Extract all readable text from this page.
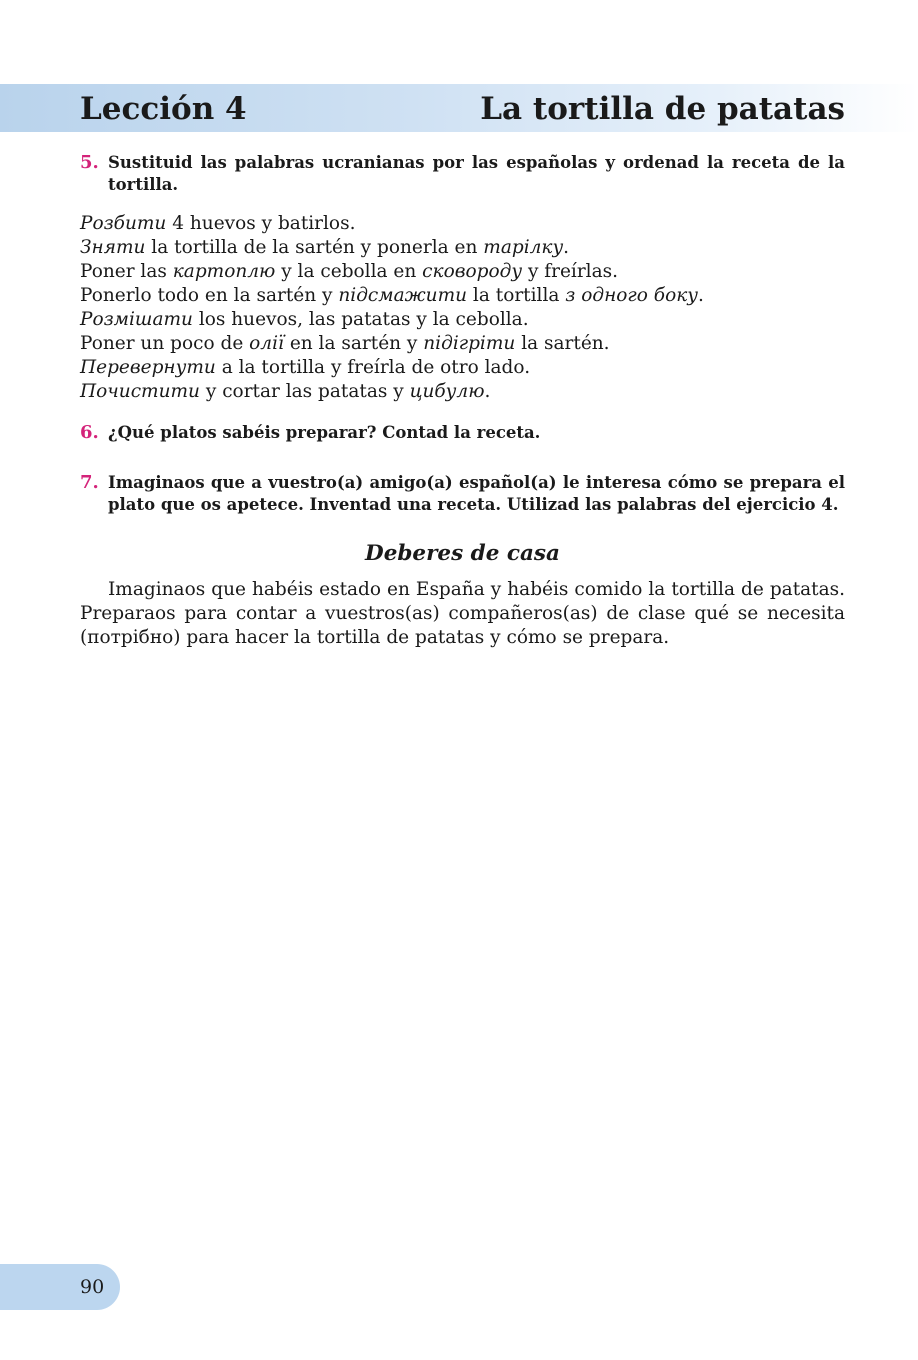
Lección 4	La tortilla de patatas
5. Sustituid las palabras ucranianas por las españolas y ordenad la receta de la tortilla.
Розбити 4 huevos y batirlos.
Зняти la tortilla de la sartén y ponerla en тарілку.
Poner las картоплю y la cebolla en сковороду y freírlas.
Ponerlo todo en la sartén y підсмажити la tortilla з одного боку.
Розмішати los huevos, las patatas y la cebolla.
Poner un poco de олії en la sartén y підігріти la sartén.
Перевернути a la tortilla y freírla de otro lado.
Почистити y cortar las patatas y цибулю.
6. ¿Qué platos sabéis preparar? Contad la receta.
7. Imaginaos que a vuestro(a) amigo(a) español(a) le interesa cómo se prepara el plato que os apetece. Inventad una receta. Utilizad las palabras del ejercicio 4.
Deberes de casa
Imaginaos que habéis estado en España y habéis comido la tortilla de patatas. Preparaos para contar a vuestros(as) compañeros(as) de clase qué se necesita (потрібно) para hacer la tortilla de patatas y cómo se prepara.
90
